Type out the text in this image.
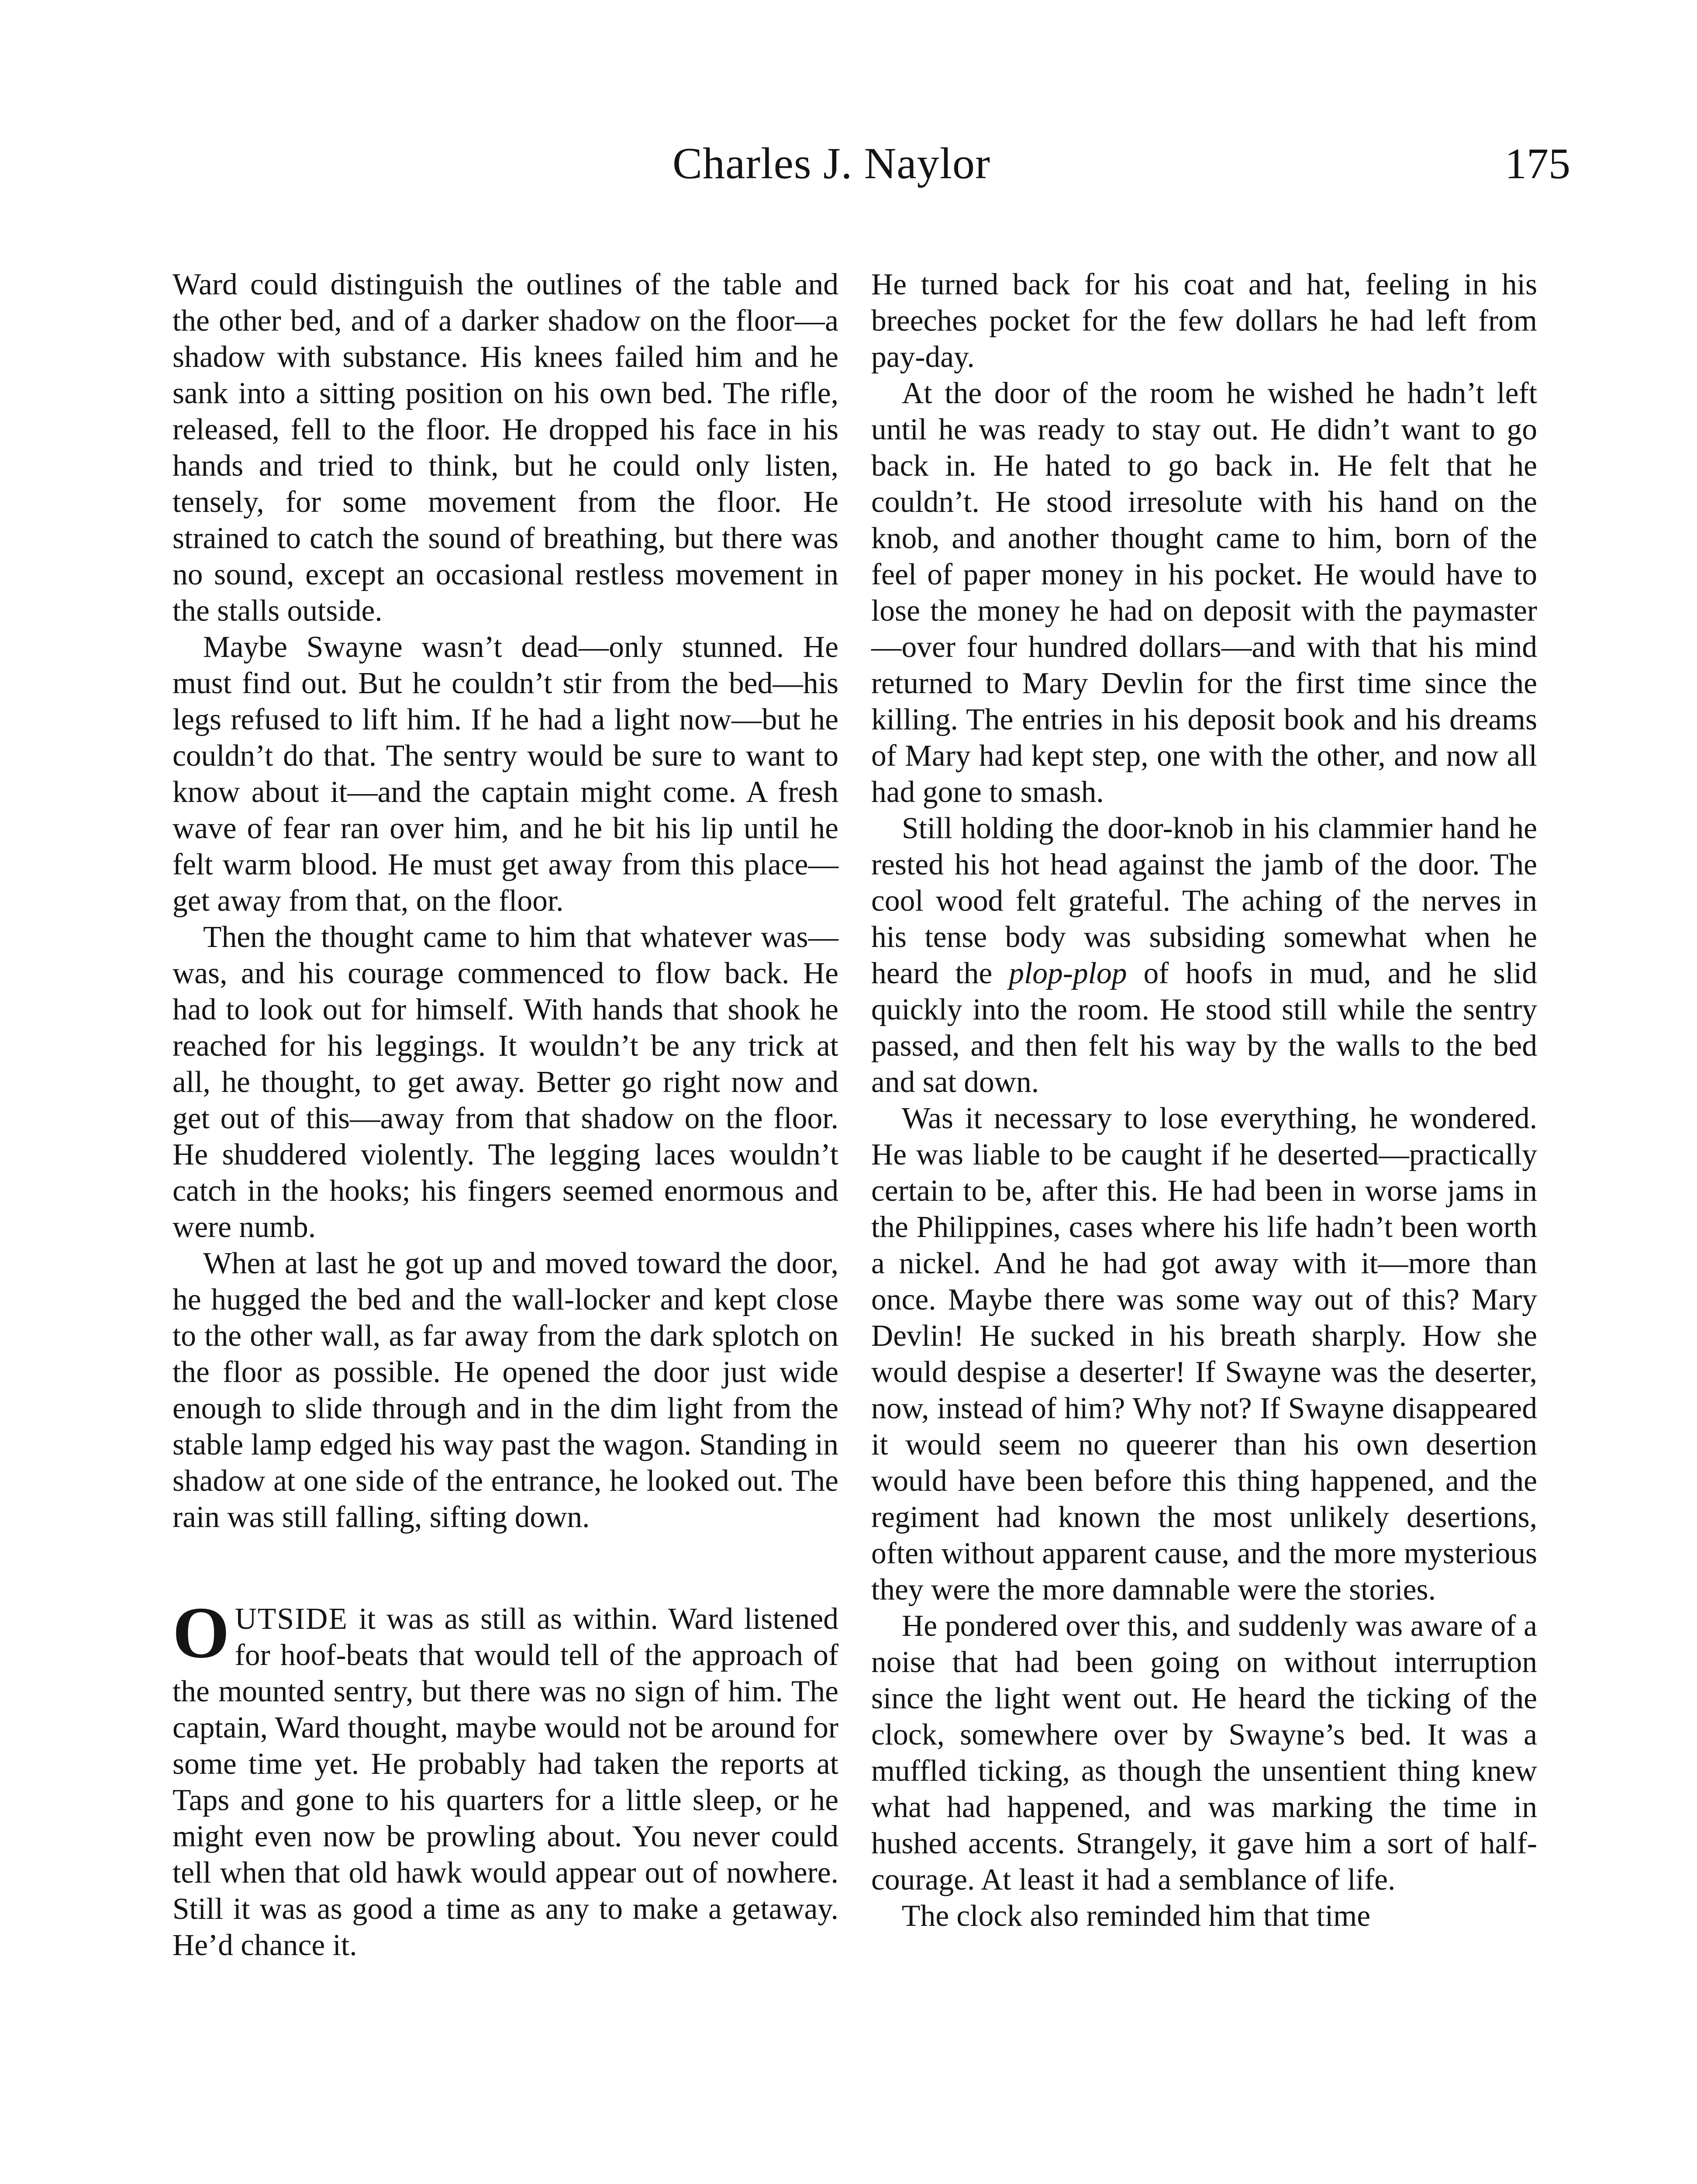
Charles J. Naylor	175

Ward could distinguish the outlines of the table and the other bed, and of a darker shadow on the floor—a shadow with substance. His knees failed him and he sank into a sitting position on his own bed. The rifle, released, fell to the floor. He dropped his face in his hands and tried to think, but he could only listen, tensely, for some movement from the floor. He strained to catch the sound of breathing, but there was no sound, except an occasional restless movement in the stalls outside.

Maybe Swayne wasn’t dead—only stunned. He must find out. But he couldn’t stir from the bed—his legs refused to lift him. If he had a light now—but he couldn’t do that. The sentry would be sure to want to know about it—and the captain might come. A fresh wave of fear ran over him, and he bit his lip until he felt warm blood. He must get away from this place—get away from that, on the floor.

Then the thought came to him that whatever was—was, and his courage commenced to flow back. He had to look out for himself. With hands that shook he reached for his leggings. It wouldn’t be any trick at all, he thought, to get away. Better go right now and get out of this—away from that shadow on the floor. He shuddered violently. The legging laces wouldn’t catch in the hooks; his fingers seemed enormous and were numb.

When at last he got up and moved toward the door, he hugged the bed and the wall-locker and kept close to the other wall, as far away from the dark splotch on the floor as possible. He opened the door just wide enough to slide through and in the dim light from the stable lamp edged his way past the wagon. Standing in shadow at one side of the entrance, he looked out. The rain was still falling, sifting down.

OUTSIDE it was as still as within. Ward listened for hoof-beats that would tell of the approach of the mounted sentry, but there was no sign of him. The captain, Ward thought, maybe would not be around for some time yet. He probably had taken the reports at Taps and gone to his quarters for a little sleep, or he might even now be prowling about. You never could tell when that old hawk would appear out of nowhere. Still it was as good a time as any to make a getaway. He’d chance it.

He turned back for his coat and hat, feeling in his breeches pocket for the few dollars he had left from pay-day.

At the door of the room he wished he hadn’t left until he was ready to stay out. He didn’t want to go back in. He hated to go back in. He felt that he couldn’t. He stood irresolute with his hand on the knob, and another thought came to him, born of the feel of paper money in his pocket. He would have to lose the money he had on deposit with the paymaster—over four hundred dollars—and with that his mind returned to Mary Devlin for the first time since the killing. The entries in his deposit book and his dreams of Mary had kept step, one with the other, and now all had gone to smash.

Still holding the door-knob in his clammier hand he rested his hot head against the jamb of the door. The cool wood felt grateful. The aching of the nerves in his tense body was subsiding somewhat when he heard the plop-plop of hoofs in mud, and he slid quickly into the room. He stood still while the sentry passed, and then felt his way by the walls to the bed and sat down.

Was it necessary to lose everything, he wondered. He was liable to be caught if he deserted—practically certain to be, after this. He had been in worse jams in the Philippines, cases where his life hadn’t been worth a nickel. And he had got away with it—more than once. Maybe there was some way out of this? Mary Devlin! He sucked in his breath sharply. How she would despise a deserter! If Swayne was the deserter, now, instead of him? Why not? If Swayne disappeared it would seem no queerer than his own desertion would have been before this thing happened, and the regiment had known the most unlikely desertions, often without apparent cause, and the more mysterious they were the more damnable were the stories.

He pondered over this, and suddenly was aware of a noise that had been going on without interruption since the light went out. He heard the ticking of the clock, somewhere over by Swayne’s bed. It was a muffled ticking, as though the unsentient thing knew what had happened, and was marking the time in hushed accents. Strangely, it gave him a sort of half-courage. At least it had a semblance of life.

The clock also reminded him that time
